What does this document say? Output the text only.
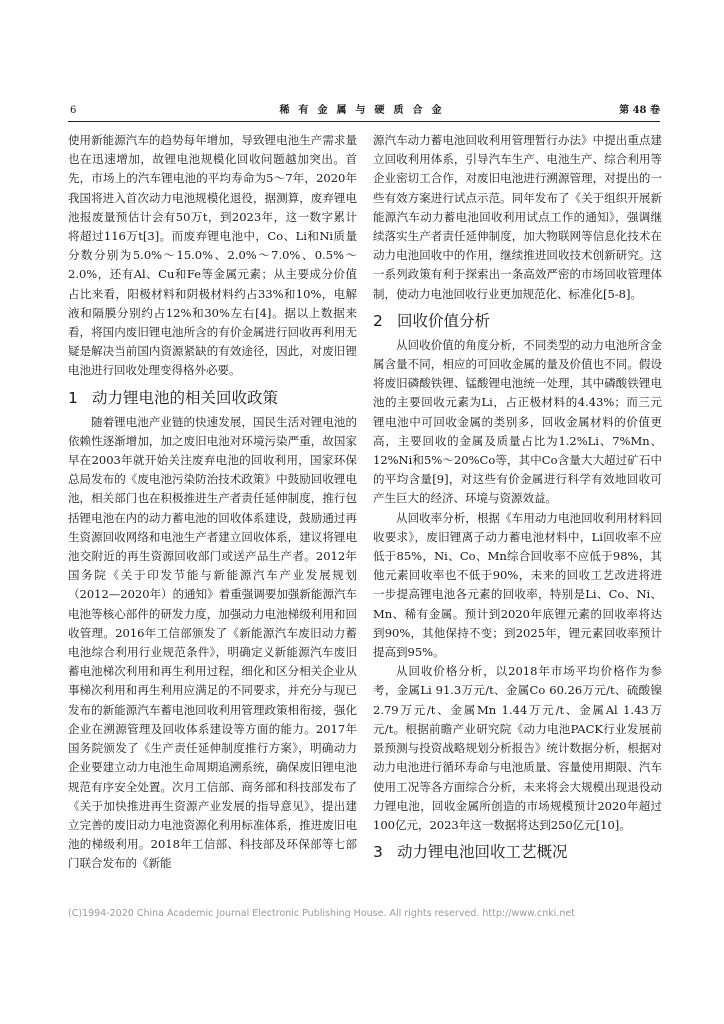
6	稀有金属与硬质合金	第 48 卷

使用新能源汽车的趋势每年增加，导致锂电池生产需求量也在迅速增加，故锂电池规模化回收问题越加突出。首先，市场上的汽车锂电池的平均寿命为5～7年，2020年我国将进入首次动力电池规模化退役，据测算，废弃锂电池报废量预估计会有50万t，到2023年，这一数字累计将超过116万t[3]。而废弃锂电池中，Co、Li和Ni质量分数分别为5.0%～15.0%、2.0%～7.0%、0.5%～2.0%，还有Al、Cu和Fe等金属元素；从主要成分价值占比来看，阳极材料和阴极材料约占33%和10%，电解液和隔膜分别约占12%和30%左右[4]。据以上数据来看，将国内废旧锂电池所含的有价金属进行回收再利用无疑是解决当前国内资源紧缺的有效途径，因此，对废旧锂电池进行回收处理变得格外必要。

1 动力锂电池的相关回收政策

随着锂电池产业链的快速发展，国民生活对锂电池的依赖性逐渐增加，加之废旧电池对环境污染严重，故国家早在2003年就开始关注废弃电池的回收利用，国家环保总局发布的《废电池污染防治技术政策》中鼓励回收锂电池，相关部门也在积极推进生产者责任延伸制度，推行包括锂电池在内的动力蓄电池的回收体系建设，鼓励通过再生资源回收网络和电池生产者建立回收体系，建议将锂电池交附近的再生资源回收部门或送产品生产者。2012年国务院《关于印发节能与新能源汽车产业发展规划（2012—2020年）的通知》着重强调要加强新能源汽车电池等核心部件的研发力度，加强动力电池梯级利用和回收管理。2016年工信部颁发了《新能源汽车废旧动力蓄电池综合利用行业规范条件》，明确定义新能源汽车废旧蓄电池梯次利用和再生利用过程，细化和区分相关企业从事梯次利用和再生利用应满足的不同要求，并充分与现已发布的新能源汽车蓄电池回收利用管理政策相衔接，强化企业在溯源管理及回收体系建设等方面的能力。2017年国务院颁发了《生产责任延伸制度推行方案》，明确动力企业要建立动力电池生命周期追溯系统，确保废旧锂电池规范有序安全处置。次月工信部、商务部和科技部发布了《关于加快推进再生资源产业发展的指导意见》，提出建立完善的废旧动力电池资源化利用标准体系，推进废旧电池的梯级利用。2018年工信部、科技部及环保部等七部门联合发布的《新能

源汽车动力蓄电池回收利用管理暂行办法》中提出重点建立回收利用体系，引导汽车生产、电池生产、综合利用等企业密切工合作，对废旧电池进行溯源管理，对提出的一些有效方案进行试点示范。同年发布了《关于组织开展新能源汽车动力蓄电池回收利用试点工作的通知》，强调继续落实生产者责任延伸制度，加大物联网等信息化技术在动力电池回收中的作用，继续推进回收技术创新研究。这一系列政策有利于探索出一条高效严密的市场回收管理体制，使动力电池回收行业更加规范化、标准化[5-8]。

2 回收价值分析

从回收价值的角度分析，不同类型的动力电池所含金属含量不同，相应的可回收金属的量及价值也不同。假设将废旧磷酸铁锂、锰酸锂电池统一处理，其中磷酸铁锂电池的主要回收元素为Li，占正极材料的4.43%；而三元锂电池中可回收金属的类别多，回收金属材料的价值更高，主要回收的金属及质量占比为1.2%Li、7%Mn、12%Ni和5%～20%Co等，其中Co含量大大超过矿石中的平均含量[9]，对这些有价金属进行科学有效地回收可产生巨大的经济、环境与资源效益。

从回收率分析，根据《车用动力电池回收利用材料回收要求》，废旧锂离子动力蓄电池材料中，Li回收率不应低于85%，Ni、Co、Mn综合回收率不应低于98%，其他元素回收率也不低于90%，未来的回收工艺改进将进一步提高锂电池各元素的回收率，特别是Li、Co、Ni、Mn、稀有金属。预计到2020年底锂元素的回收率将达到90%，其他保持不变；到2025年，锂元素回收率预计提高到95%。

从回收价格分析，以2018年市场平均价格作为参考，金属Li 91.3万元/t、金属Co 60.26万元/t、硫酸镍2.79万元/t、金属Mn 1.44万元/t、金属Al 1.43万元/t。根据前瞻产业研究院《动力电池PACK行业发展前景预测与投资战略规划分析报告》统计数据分析，根据对动力电池进行循环寿命与电池质量、容量使用期限、汽车使用工况等各方面综合分析，未来将会大规模出现退役动力锂电池，回收金属所创造的市场规模预计2020年超过100亿元，2023年这一数据将达到250亿元[10]。

3 动力锂电池回收工艺概况
(C)1994-2020 China Academic Journal Electronic Publishing House. All rights reserved. http://www.cnki.net
